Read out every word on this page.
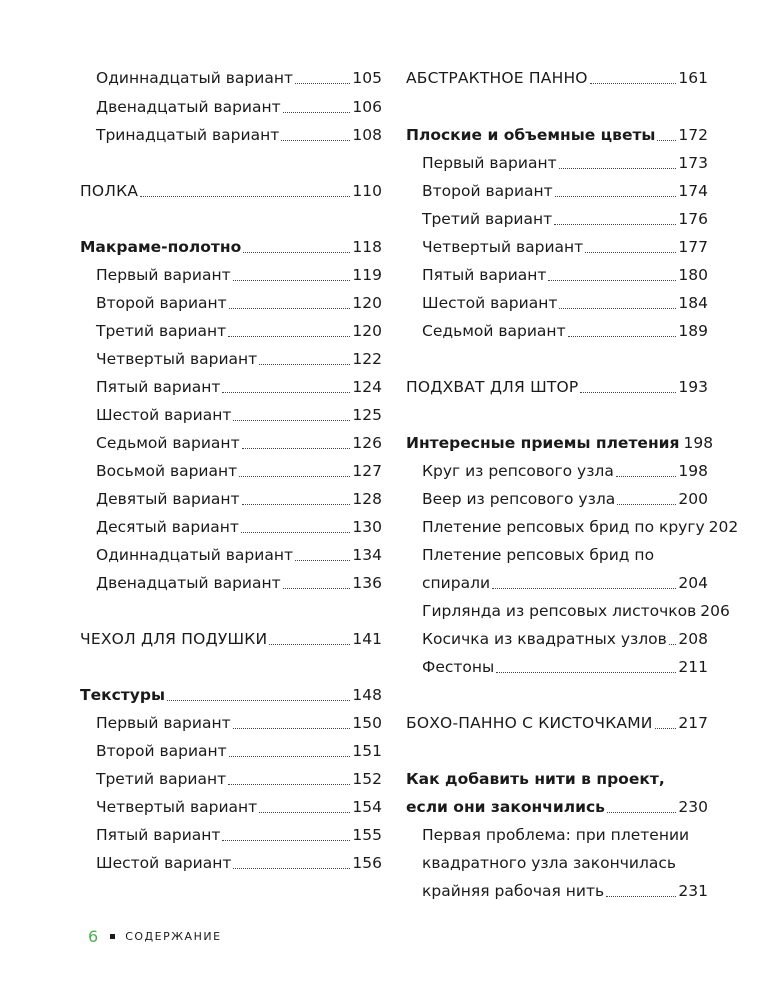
Одиннадцатый вариант	105
Двенадцатый вариант	106
Тринадцатый вариант	108
ПОЛКА	110
Макраме-полотно	118
Первый вариант	119
Второй вариант	120
Третий вариант	120
Четвертый вариант	122
Пятый вариант	124
Шестой вариант	125
Седьмой вариант	126
Восьмой вариант	127
Девятый вариант	128
Десятый вариант	130
Одиннадцатый вариант	134
Двенадцатый вариант	136
ЧЕХОЛ ДЛЯ ПОДУШКИ	141
Текстуры	148
Первый вариант	150
Второй вариант	151
Третий вариант	152
Четвертый вариант	154
Пятый вариант	155
Шестой вариант	156
АБСТРАКТНОЕ ПАННО	161
Плоские и объемные цветы 172
Первый вариант	173
Второй вариант	174
Третий вариант	176
Четвертый вариант	177
Пятый вариант	180
Шестой вариант	184
Седьмой вариант	189
ПОДХВАТ ДЛЯ ШТОР	193
Интересные приемы плетения 198
Круг из репсового узла	198
Веер из репсового узла	200
Плетение репсовых брид по кругу 202
Плетение репсовых брид по
спирали	204
Гирлянда из репсовых листочков 206
Косичка из квадратных узлов 208
Фестоны	211
БОХО-ПАННО С КИСТОЧКАМИ 217
Как добавить нити в проект,
если они закончились	230
Первая проблема: при плетении
квадратного узла закончилась
крайняя рабочая нить	231
6 СОДЕРЖАНИЕ
